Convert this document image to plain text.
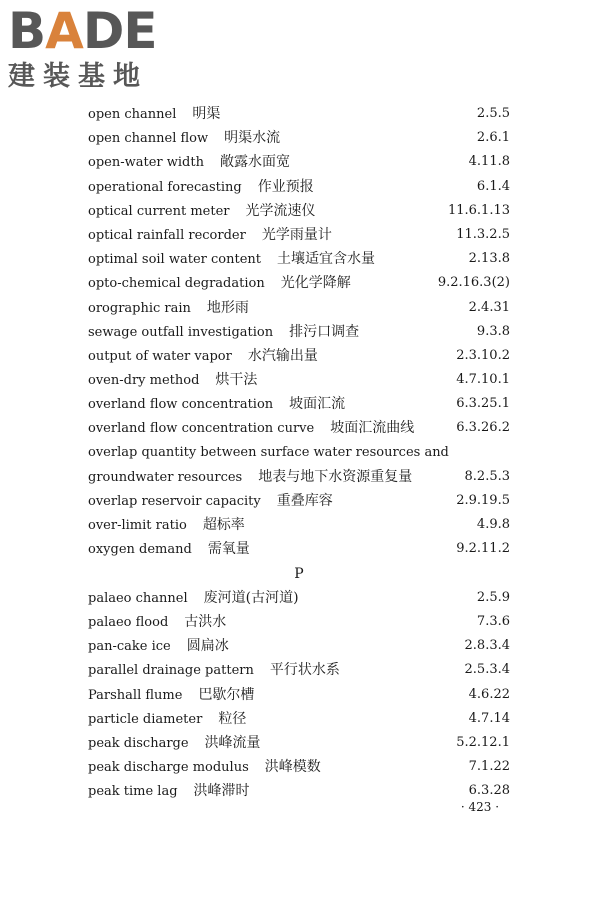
BADE
建装基地
open channel 明渠	2.5.5
open channel flow 明渠水流	2.6.1
open-water width 敞露水面宽	4.11.8
operational forecasting 作业预报	6.1.4
optical current meter 光学流速仪	11.6.1.13
optical rainfall recorder 光学雨量计	11.3.2.5
optimal soil water content 土壤适宜含水量	2.13.8
opto-chemical degradation 光化学降解	9.2.16.3(2)
orographic rain 地形雨	2.4.31
sewage outfall investigation 排污口调查	9.3.8
output of water vapor 水汽输出量	2.3.10.2
oven-dry method 烘干法	4.7.10.1
overland flow concentration 坡面汇流	6.3.25.1
overland flow concentration curve 坡面汇流曲线	6.3.26.2
overlap quantity between surface water resources and
groundwater resources 地表与地下水资源重复量	8.2.5.3
overlap reservoir capacity 重叠库容	2.9.19.5
over-limit ratio 超标率	4.9.8
oxygen demand 需氧量	9.2.11.2
P
palaeo channel 废河道(古河道)	2.5.9
palaeo flood 古洪水	7.3.6
pan-cake ice 圆扁冰	2.8.3.4
parallel drainage pattern 平行状水系	2.5.3.4
Parshall flume 巴歇尔槽	4.6.22
particle diameter 粒径	4.7.14
peak discharge 洪峰流量	5.2.12.1
peak discharge modulus 洪峰模数	7.1.22
peak time lag 洪峰滞时	6.3.28
· 423 ·
